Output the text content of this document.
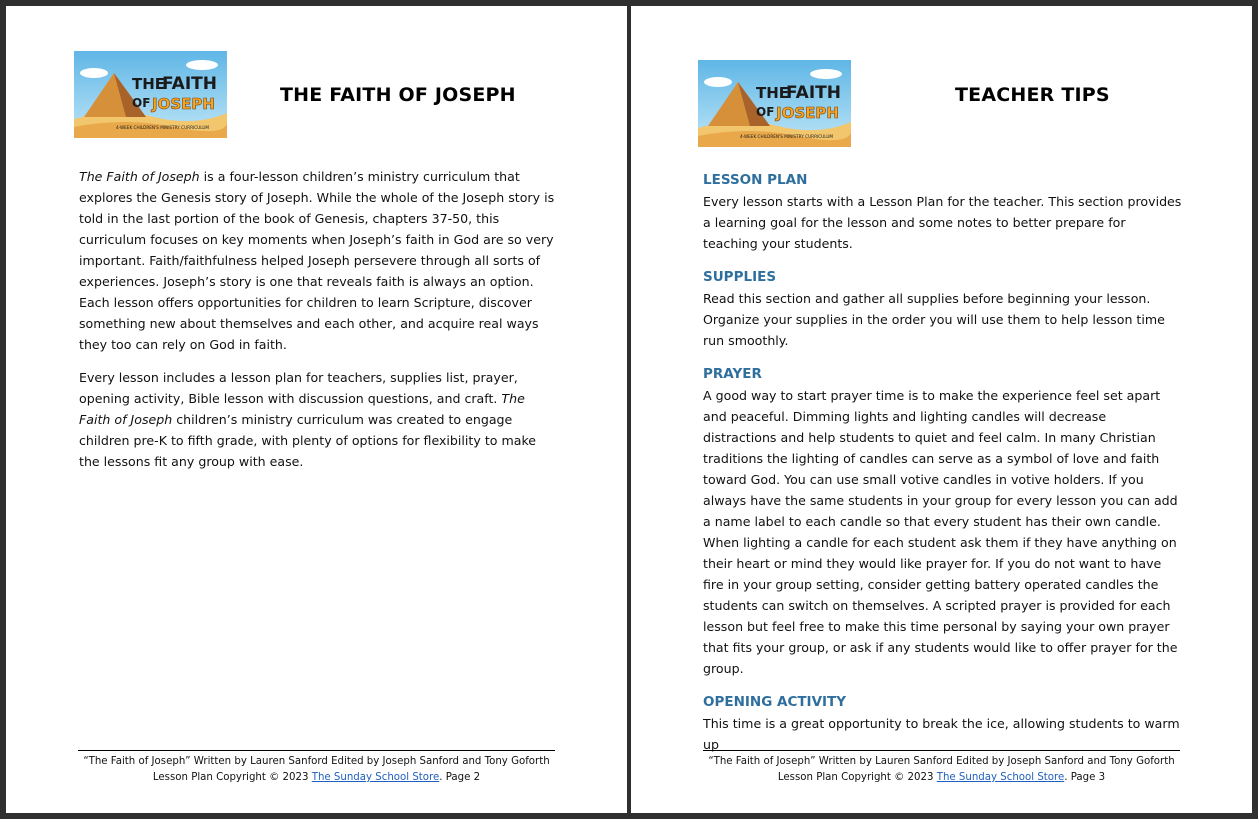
THE
FAITH
OF JOSEPH
4-WEEK CHILDREN'S MINISTRY CURRICULUM
THE FAITH OF JOSEPH

The Faith of Joseph is a four-lesson children’s ministry curriculum that explores the Genesis story of Joseph. While the whole of the Joseph story is told in the last portion of the book of Genesis, chapters 37-50, this curriculum focuses on key moments when Joseph’s faith in God are so very important. Faith/faithfulness helped Joseph persevere through all sorts of experiences. Joseph’s story is one that reveals faith is always an option. Each lesson offers opportunities for children to learn Scripture, discover something new about themselves and each other, and acquire real ways they too can rely on God in faith.

Every lesson includes a lesson plan for teachers, supplies list, prayer, opening activity, Bible lesson with discussion questions, and craft. The Faith of Joseph children’s ministry curriculum was created to engage children pre-K to fifth grade, with plenty of options for flexibility to make the lessons fit any group with ease.

“The Faith of Joseph” Written by Lauren Sanford Edited by Joseph Sanford and Tony Goforth
Lesson Plan Copyright © 2023 The Sunday School Store. Page 2
THE
FAITH
OF JOSEPH
4-WEEK CHILDREN'S MINISTRY CURRICULUM
TEACHER TIPS
LESSON PLAN

Every lesson starts with a Lesson Plan for the teacher. This section provides a learning goal for the lesson and some notes to better prepare for teaching your students.

SUPPLIES

Read this section and gather all supplies before beginning your lesson. Organize your supplies in the order you will use them to help lesson time run smoothly.

PRAYER

A good way to start prayer time is to make the experience feel set apart and peaceful. Dimming lights and lighting candles will decrease distractions and help students to quiet and feel calm. In many Christian traditions the lighting of candles can serve as a symbol of love and faith toward God. You can use small votive candles in votive holders. If you always have the same students in your group for every lesson you can add a name label to each candle so that every student has their own candle. When lighting a candle for each student ask them if they have anything on their heart or mind they would like prayer for. If you do not want to have fire in your group setting, consider getting battery operated candles the students can switch on themselves. A scripted prayer is provided for each lesson but feel free to make this time personal by saying your own prayer that fits your group, or ask if any students would like to offer prayer for the group.

OPENING ACTIVITY

This time is a great opportunity to break the ice, allowing students to warm up

“The Faith of Joseph” Written by Lauren Sanford Edited by Joseph Sanford and Tony Goforth
Lesson Plan Copyright © 2023 The Sunday School Store. Page 3
